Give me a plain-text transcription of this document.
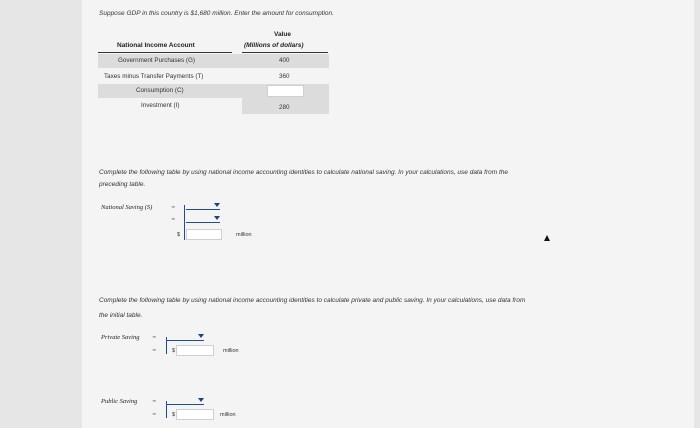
Suppose GDP in this country is $1,680 million. Enter the amount for consumption.
Value
National Income Account	(Millions of dollars)
Government Purchases (G)	400
Taxes minus Transfer Payments (T)	360
Consumption (C)
Investment (I)	280
Complete the following table by using national income accounting identities to calculate national saving. In your calculations, use data from the
preceding table.
National Saving (S)	=
=
$	million
Complete the following table by using national income accounting identities to calculate private and public saving. In your calculations, use data from
the initial table.
Private Saving =
=	$	million
Public Saving =
=	$	million
